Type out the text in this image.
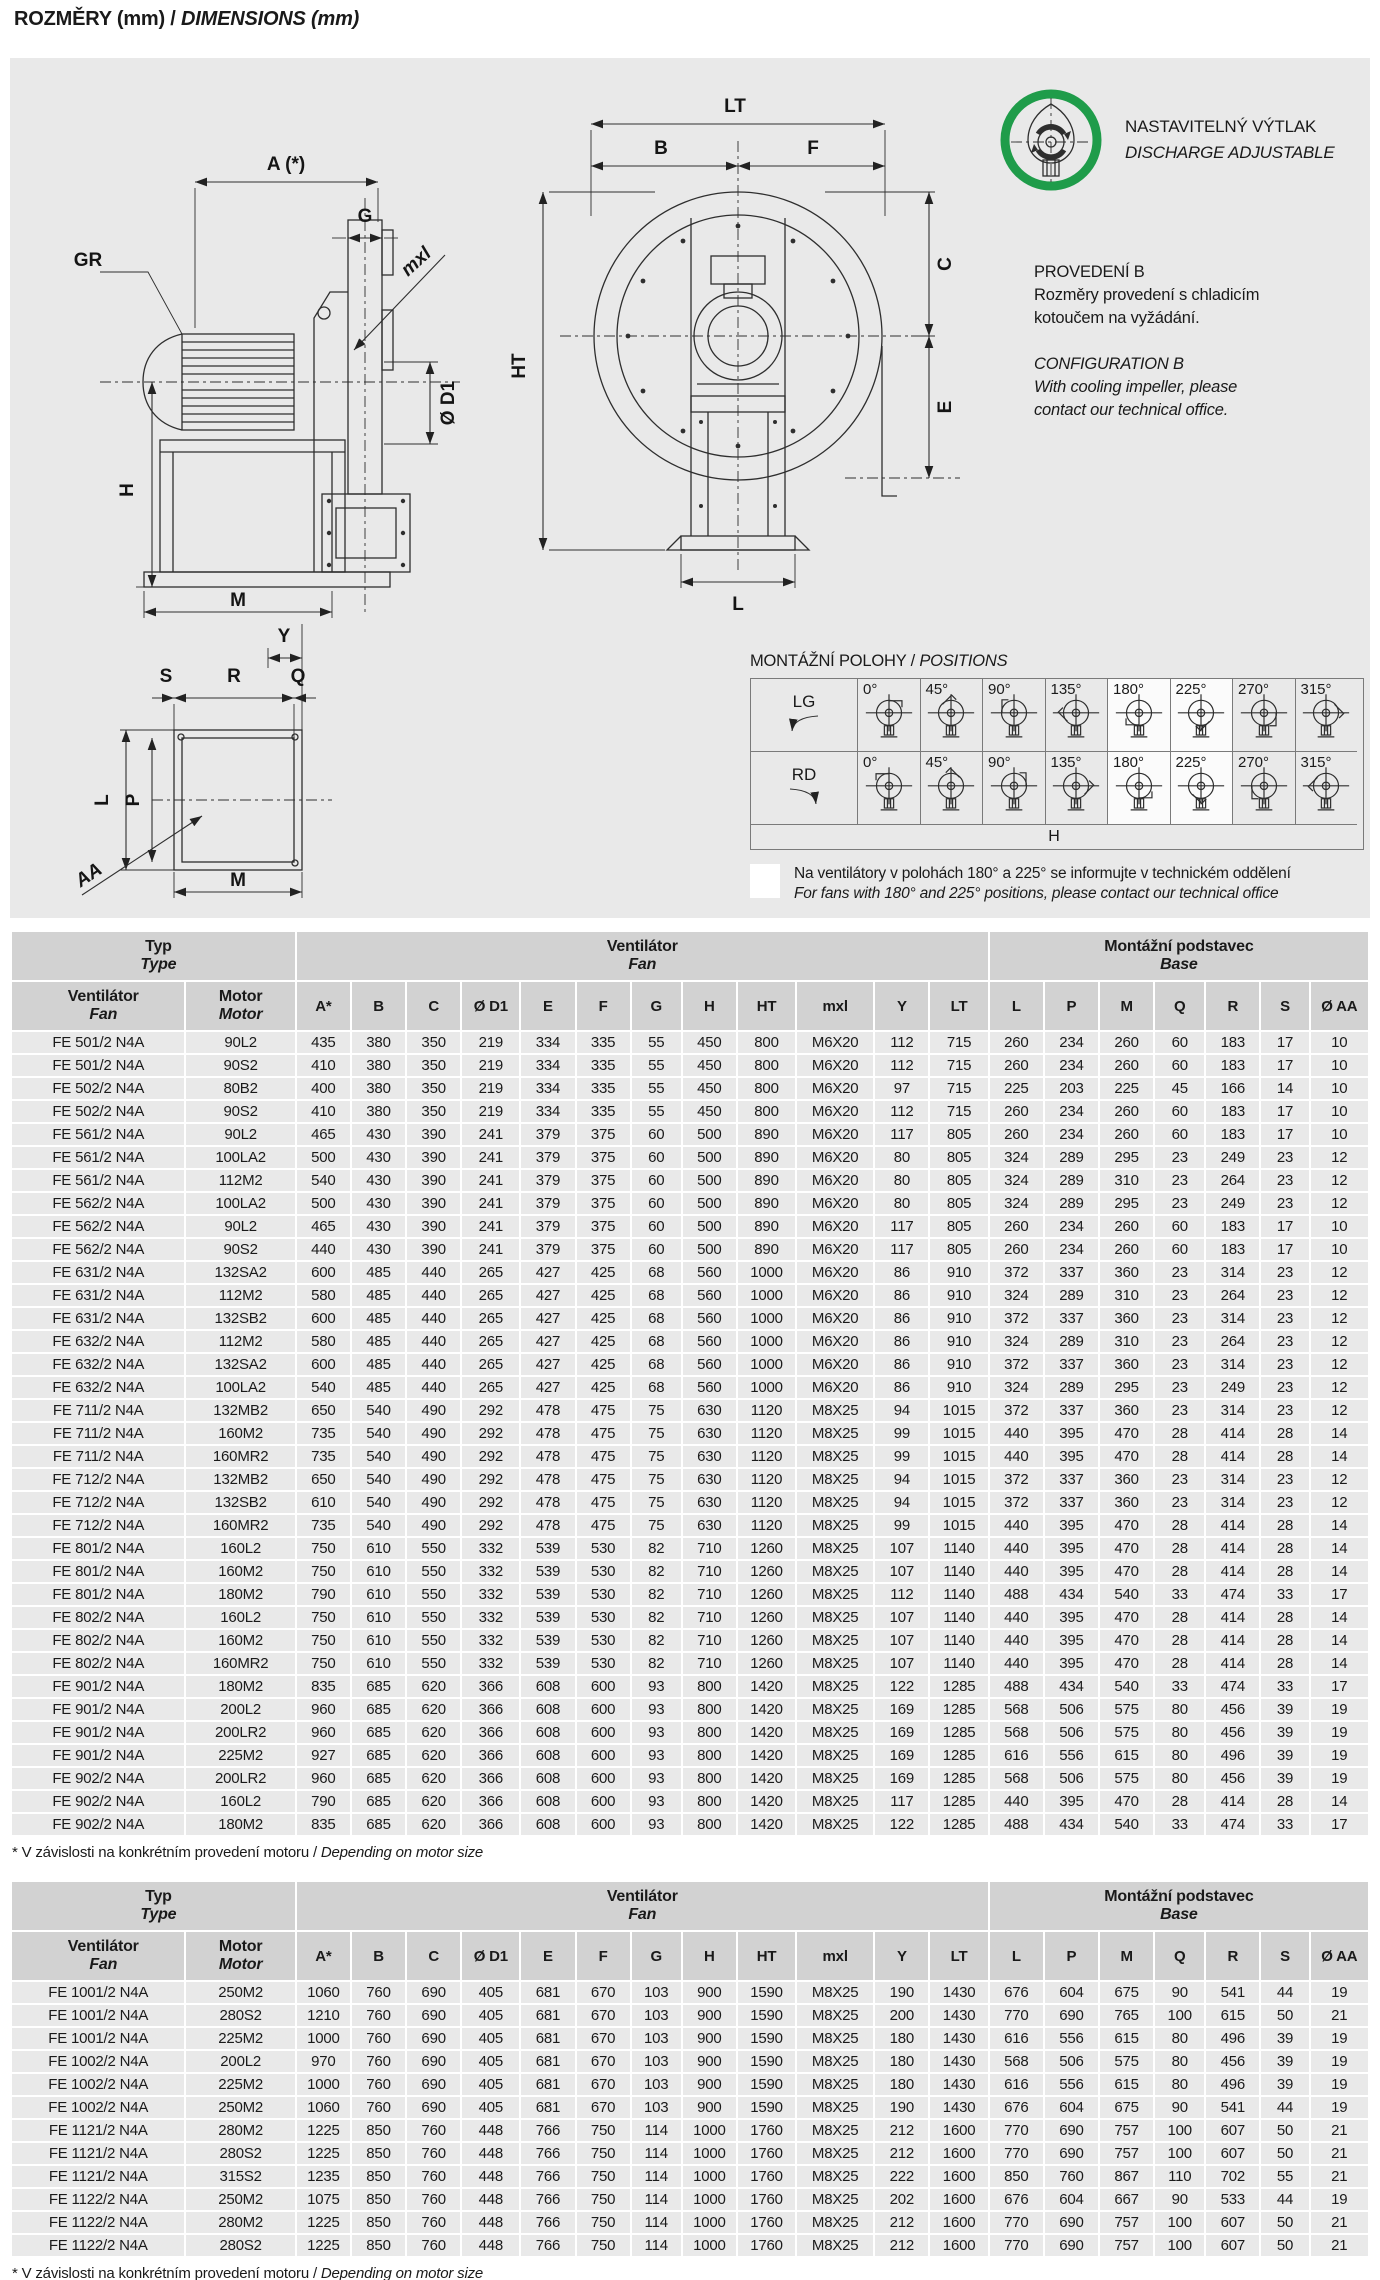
ROZMĚRY (mm) / DIMENSIONS (mm)
A (*)
G
GR	mxl
Ø D1
H
M
Y
S	R	Q
L P
AA	M
LT
B	F
HT
C
E
L
NASTAVITELNÝ VÝTLAK
DISCHARGE ADJUSTABLE

PROVEDENÍ B
Rozměry provedení s chladicím
kotoučem na vyžádání.

CONFIGURATION B
With cooling impeller, please
contact our technical office.

MONTÁŽNÍ POLOHY / POSITIONS
LG
0°	45°	90°	135° 180° 225° 270° 315°
RD
0°	45°	90°	135° 180° 225° 270° 315°
H
Na ventilátory v polohách 180° a 225° se informujte v technickém oddělení
For fans with 180° and 225° positions, please contact our technical office
Typ
Type

Ventilátor
Fan

Montážní podstavec
Base

Ventilátor
Fan

Motor
Motor	A*	B	C	Ø D1	E	F	G	H	HT	mxl	Y	LT	L	P	M	Q	R	S	Ø AA
FE 501/2 N4A	90L2	435	380	350	219	334	335	55	450	800	M6X20	112	715	260	234	260	60	183	17	10
FE 501/2 N4A	90S2	410	380	350	219	334	335	55	450	800	M6X20	112	715	260	234	260	60	183	17	10
FE 502/2 N4A	80B2	400	380	350	219	334	335	55	450	800	M6X20	97	715	225	203	225	45	166	14	10
FE 502/2 N4A	90S2	410	380	350	219	334	335	55	450	800	M6X20	112	715	260	234	260	60	183	17	10
FE 561/2 N4A	90L2	465	430	390	241	379	375	60	500	890	M6X20	117	805	260	234	260	60	183	17	10
FE 561/2 N4A	100LA2	500	430	390	241	379	375	60	500	890	M6X20	80	805	324	289	295	23	249	23	12
FE 561/2 N4A	112M2	540	430	390	241	379	375	60	500	890	M6X20	80	805	324	289	310	23	264	23	12
FE 562/2 N4A	100LA2	500	430	390	241	379	375	60	500	890	M6X20	80	805	324	289	295	23	249	23	12
FE 562/2 N4A	90L2	465	430	390	241	379	375	60	500	890	M6X20	117	805	260	234	260	60	183	17	10
FE 562/2 N4A	90S2	440	430	390	241	379	375	60	500	890	M6X20	117	805	260	234	260	60	183	17	10
FE 631/2 N4A	132SA2	600	485	440	265	427	425	68	560	1000	M6X20	86	910	372	337	360	23	314	23	12
FE 631/2 N4A	112M2	580	485	440	265	427	425	68	560	1000	M6X20	86	910	324	289	310	23	264	23	12
FE 631/2 N4A	132SB2	600	485	440	265	427	425	68	560	1000	M6X20	86	910	372	337	360	23	314	23	12
FE 632/2 N4A	112M2	580	485	440	265	427	425	68	560	1000	M6X20	86	910	324	289	310	23	264	23	12
FE 632/2 N4A	132SA2	600	485	440	265	427	425	68	560	1000	M6X20	86	910	372	337	360	23	314	23	12
FE 632/2 N4A	100LA2	540	485	440	265	427	425	68	560	1000	M6X20	86	910	324	289	295	23	249	23	12
FE 711/2 N4A	132MB2	650	540	490	292	478	475	75	630	1120	M8X25	94	1015	372	337	360	23	314	23	12
FE 711/2 N4A	160M2	735	540	490	292	478	475	75	630	1120	M8X25	99	1015	440	395	470	28	414	28	14
FE 711/2 N4A	160MR2	735	540	490	292	478	475	75	630	1120	M8X25	99	1015	440	395	470	28	414	28	14
FE 712/2 N4A	132MB2	650	540	490	292	478	475	75	630	1120	M8X25	94	1015	372	337	360	23	314	23	12
FE 712/2 N4A	132SB2	610	540	490	292	478	475	75	630	1120	M8X25	94	1015	372	337	360	23	314	23	12
FE 712/2 N4A	160MR2	735	540	490	292	478	475	75	630	1120	M8X25	99	1015	440	395	470	28	414	28	14
FE 801/2 N4A	160L2	750	610	550	332	539	530	82	710	1260	M8X25	107	1140	440	395	470	28	414	28	14
FE 801/2 N4A	160M2	750	610	550	332	539	530	82	710	1260	M8X25	107	1140	440	395	470	28	414	28	14
FE 801/2 N4A	180M2	790	610	550	332	539	530	82	710	1260	M8X25	112	1140	488	434	540	33	474	33	17
FE 802/2 N4A	160L2	750	610	550	332	539	530	82	710	1260	M8X25	107	1140	440	395	470	28	414	28	14
FE 802/2 N4A	160M2	750	610	550	332	539	530	82	710	1260	M8X25	107	1140	440	395	470	28	414	28	14
FE 802/2 N4A	160MR2	750	610	550	332	539	530	82	710	1260	M8X25	107	1140	440	395	470	28	414	28	14
FE 901/2 N4A	180M2	835	685	620	366	608	600	93	800	1420	M8X25	122	1285	488	434	540	33	474	33	17
FE 901/2 N4A	200L2	960	685	620	366	608	600	93	800	1420	M8X25	169	1285	568	506	575	80	456	39	19
FE 901/2 N4A	200LR2	960	685	620	366	608	600	93	800	1420	M8X25	169	1285	568	506	575	80	456	39	19
FE 901/2 N4A	225M2	927	685	620	366	608	600	93	800	1420	M8X25	169	1285	616	556	615	80	496	39	19
FE 902/2 N4A	200LR2	960	685	620	366	608	600	93	800	1420	M8X25	169	1285	568	506	575	80	456	39	19
FE 902/2 N4A	160L2	790	685	620	366	608	600	93	800	1420	M8X25	117	1285	440	395	470	28	414	28	14
FE 902/2 N4A	180M2	835	685	620	366	608	600	93	800	1420	M8X25	122	1285	488	434	540	33	474	33	17
* V závislosti na konkrétním provedení motoru / Depending on motor size
Typ
Type

Ventilátor
Fan

Montážní podstavec
Base

Ventilátor
Fan

Motor
Motor	A*	B	C	Ø D1	E	F	G	H	HT	mxl	Y	LT	L	P	M	Q	R	S	Ø AA
FE 1001/2 N4A	250M2	1060	760	690	405	681	670	103	900	1590	M8X25	190	1430	676	604	675	90	541	44	19
FE 1001/2 N4A	280S2	1210	760	690	405	681	670	103	900	1590	M8X25	200	1430	770	690	765	100	615	50	21
FE 1001/2 N4A	225M2	1000	760	690	405	681	670	103	900	1590	M8X25	180	1430	616	556	615	80	496	39	19
FE 1002/2 N4A	200L2	970	760	690	405	681	670	103	900	1590	M8X25	180	1430	568	506	575	80	456	39	19
FE 1002/2 N4A	225M2	1000	760	690	405	681	670	103	900	1590	M8X25	180	1430	616	556	615	80	496	39	19
FE 1002/2 N4A	250M2	1060	760	690	405	681	670	103	900	1590	M8X25	190	1430	676	604	675	90	541	44	19
FE 1121/2 N4A	280M2	1225	850	760	448	766	750	114	1000	1760	M8X25	212	1600	770	690	757	100	607	50	21
FE 1121/2 N4A	280S2	1225	850	760	448	766	750	114	1000	1760	M8X25	212	1600	770	690	757	100	607	50	21
FE 1121/2 N4A	315S2	1235	850	760	448	766	750	114	1000	1760	M8X25	222	1600	850	760	867	110	702	55	21
FE 1122/2 N4A	250M2	1075	850	760	448	766	750	114	1000	1760	M8X25	202	1600	676	604	667	90	533	44	19
FE 1122/2 N4A	280M2	1225	850	760	448	766	750	114	1000	1760	M8X25	212	1600	770	690	757	100	607	50	21
FE 1122/2 N4A	280S2	1225	850	760	448	766	750	114	1000	1760	M8X25	212	1600	770	690	757	100	607	50	21
* V závislosti na konkrétním provedení motoru / Depending on motor size
